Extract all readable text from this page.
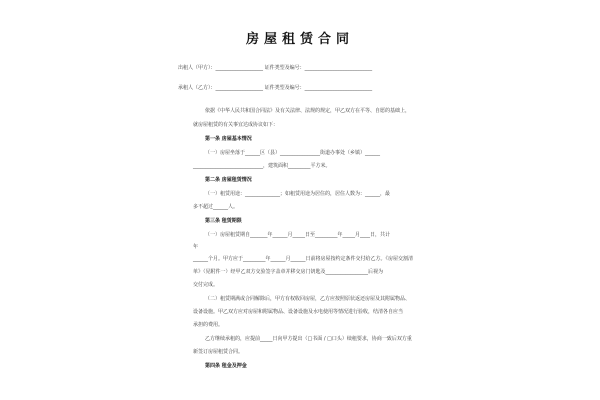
房屋租赁合同
出租人（甲方）：___________________ 证件类型及编号：___________________________
承租人（乙方）：___________________ 证件类型及编号：___________________________
依据《中华人民共和国合同法》及有关法律、法规的规定，甲乙双方在平等、自愿的基础上，
就房屋租赁的有关事宜达成协议如下：
第一条 房屋基本情况
（一）房屋坐落于______区（县）________________街道办事处（乡镇）______
____________________________，建筑面积_________平方米。
第二条 房屋租赁情况
（一）租赁用途：______________；如租赁用途为居住的，居住人数为：______，最
多不超过______人。
第三条 租赁期限
（一）房屋租赁期自_______年______月_____日至_________年_____月____日，共计
年
______个月。甲方应于_________年______月______日前将房屋按约定条件交付给乙方。《房屋交割清
单》（见附件一）经甲乙双方交验签字盖章并移交房门钥匙及_________________后视为
交付完成。
（二）租赁期满或合同解除后，甲方有权收回房屋，乙方应按照原状返还房屋及其附属物品、
设备设施。甲乙双方应对房屋和附属物品、设备设施及水电使用等情况进行验收，结清各自应当
承担的费用。
乙方继续承租的，应提前_____日向甲方提出（□书面 / □口头）续租要求，协商一致后双方重
新签订房屋租赁合同。
第四条 租金及押金
